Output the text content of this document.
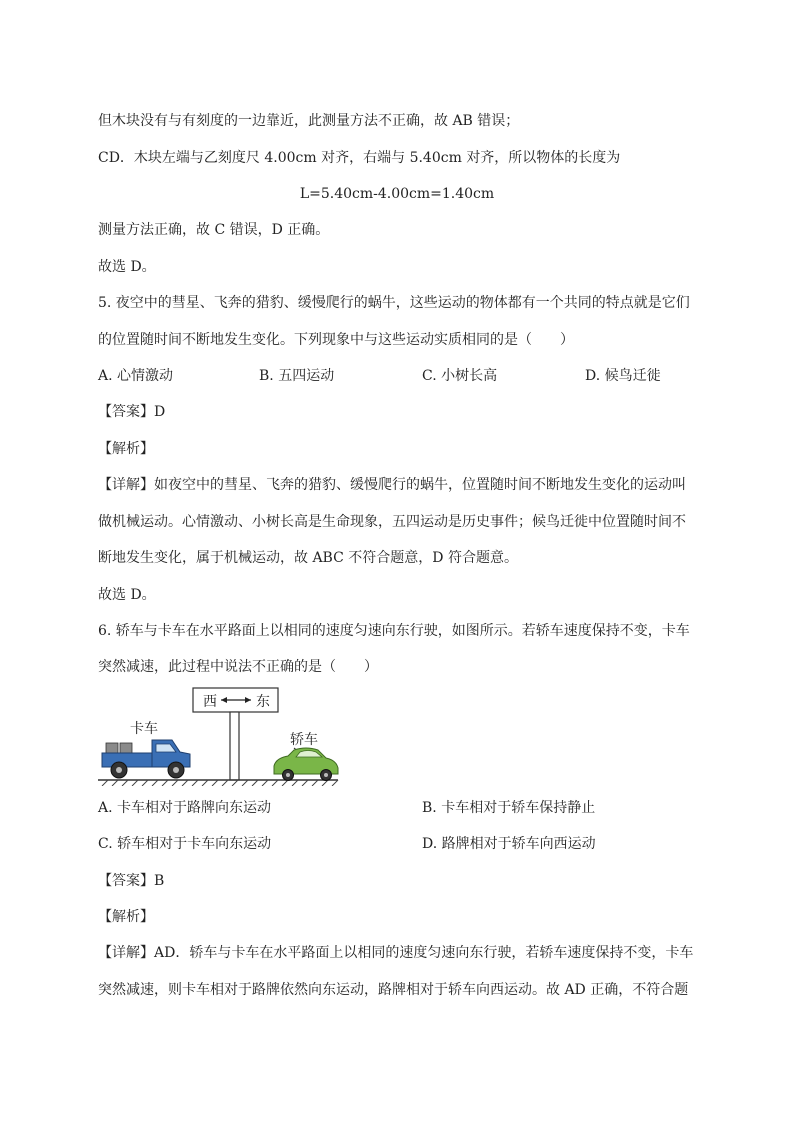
但木块没有与有刻度的一边靠近，此测量方法不正确，故 AB 错误；
CD．木块左端与乙刻度尺 4.00cm 对齐，右端与 5.40cm 对齐，所以物体的长度为
L=5.40cm-4.00cm=1.40cm
测量方法正确，故 C 错误，D 正确。
故选 D。
5. 夜空中的彗星、飞奔的猎豹、缓慢爬行的蜗牛，这些运动的物体都有一个共同的特点就是它们
的位置随时间不断地发生变化。下列现象中与这些运动实质相同的是（　　）
A. 心情激动	B. 五四运动	C. 小树长高	D. 候鸟迁徙
【答案】D
【解析】
【详解】如夜空中的彗星、飞奔的猎豹、缓慢爬行的蜗牛，位置随时间不断地发生变化的运动叫
做机械运动。心情激动、小树长高是生命现象，五四运动是历史事件；候鸟迁徙中位置随时间不
断地发生变化，属于机械运动，故 ABC 不符合题意，D 符合题意。
故选 D。
6. 轿车与卡车在水平路面上以相同的速度匀速向东行驶，如图所示。若轿车速度保持不变，卡车
突然减速，此过程中说法不正确的是（　　）
西	东
卡车
轿车
A. 卡车相对于路牌向东运动	B. 卡车相对于轿车保持静止
C. 轿车相对于卡车向东运动	D. 路牌相对于轿车向西运动
【答案】B
【解析】
【详解】AD．轿车与卡车在水平路面上以相同的速度匀速向东行驶，若轿车速度保持不变，卡车
突然减速，则卡车相对于路牌依然向东运动，路牌相对于轿车向西运动。故 AD 正确，不符合题
